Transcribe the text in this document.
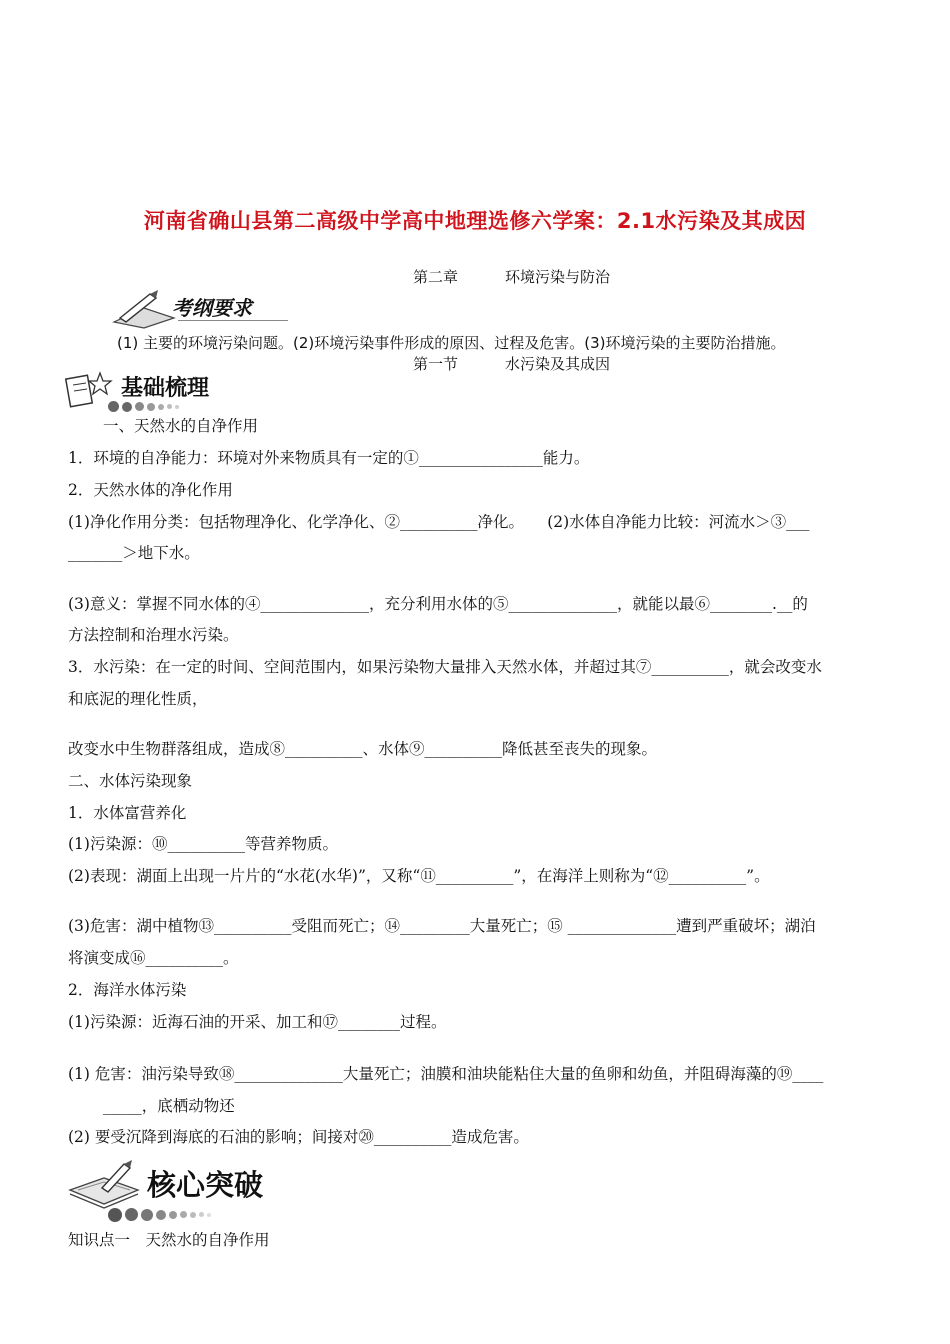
河南省确山县第二高级中学高中地理选修六学案：2.1水污染及其成因
第二章	环境污染与防治
考纲要求
(1) 主要的环境污染问题。(2)环境污染事件形成的原因、过程及危害。(3)环境污染的主要防治措施。
第一节	水污染及其成因
基础梳理
一、天然水的自净作用
1．环境的自净能力：环境对外来物质具有一定的①________________能力。
2．天然水体的净化作用
(1)净化作用分类：包括物理净化、化学净化、②__________净化。　　(2)水体自净能力比较：河流水＞③___
_______＞地下水。
(3)意义：掌握不同水体的④______________，充分利用水体的⑤______________，就能以最⑥________.__的
方法控制和治理水污染。
3．水污染：在一定的时间、空间范围内，如果污染物大量排入天然水体，并超过其⑦__________，就会改变水
和底泥的理化性质，
改变水中生物群落组成，造成⑧__________、水体⑨__________降低甚至丧失的现象。
二、水体污染现象
1．水体富营养化
(1)污染源：⑩__________等营养物质。
(2)表现：湖面上出现一片片的“水花(水华)”，又称“⑪__________”，在海洋上则称为“⑫__________”。
(3)危害：湖中植物⑬__________受阻而死亡；⑭_________大量死亡；⑮ ______________遭到严重破坏；湖泊
将演变成⑯__________。
2．海洋水体污染
(1)污染源：近海石油的开采、加工和⑰________过程。
(1) 危害：油污染导致⑱______________大量死亡；油膜和油块能粘住大量的鱼卵和幼鱼，并阻碍海藻的⑲____
_____，底栖动物还
(2) 要受沉降到海底的石油的影响；间接对⑳__________造成危害。
核心突破
知识点一　天然水的自净作用
